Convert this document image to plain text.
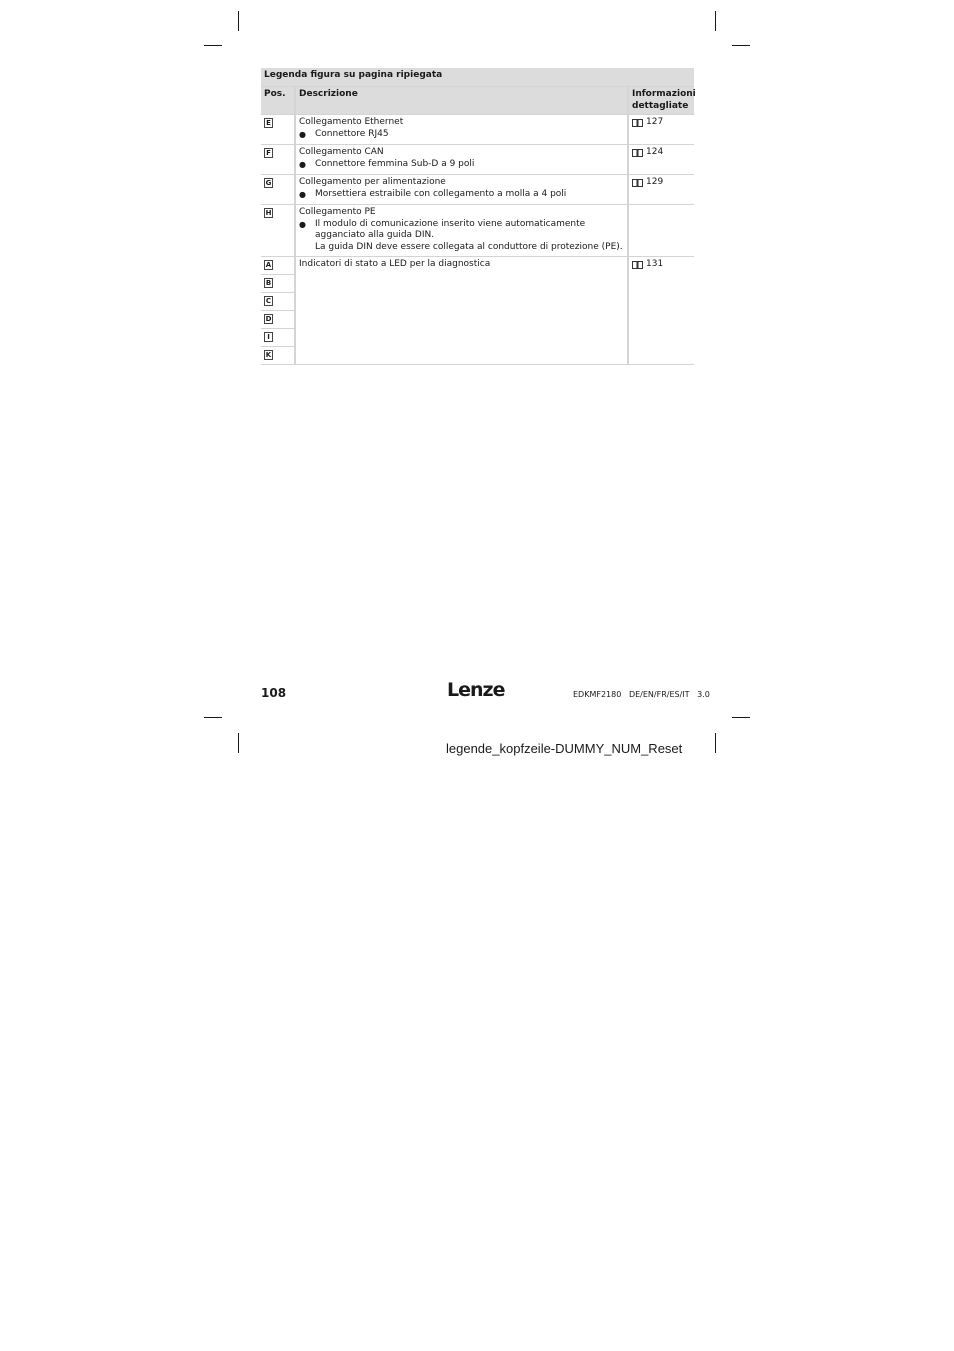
Legenda figura su pagina ripiegata		
Pos.	Descrizione	Informazioni
dettagliate

E	Collegamento Ethernet
● Connettore RJ45	127

F	Collegamento CAN
● Connettore femmina Sub-D a 9 poli	124

G	Collegamento per alimentazione
● Morsettiera estraibile con collegamento a molla a 4 poli	129

H	Collegamento PE
● Il modulo di comunicazione inserito viene automaticamente agganciato alla guida DIN.
La guida DIN deve essere collegata al conduttore di protezione (PE).	

A	Indicatori di stato a LED per la diagnostica	131

B		
C		
D		
I		
K		
108	Lenze	EDKMF2180   DE/EN/FR/ES/IT   3.0
legende_kopfzeile-DUMMY_NUM_Reset
